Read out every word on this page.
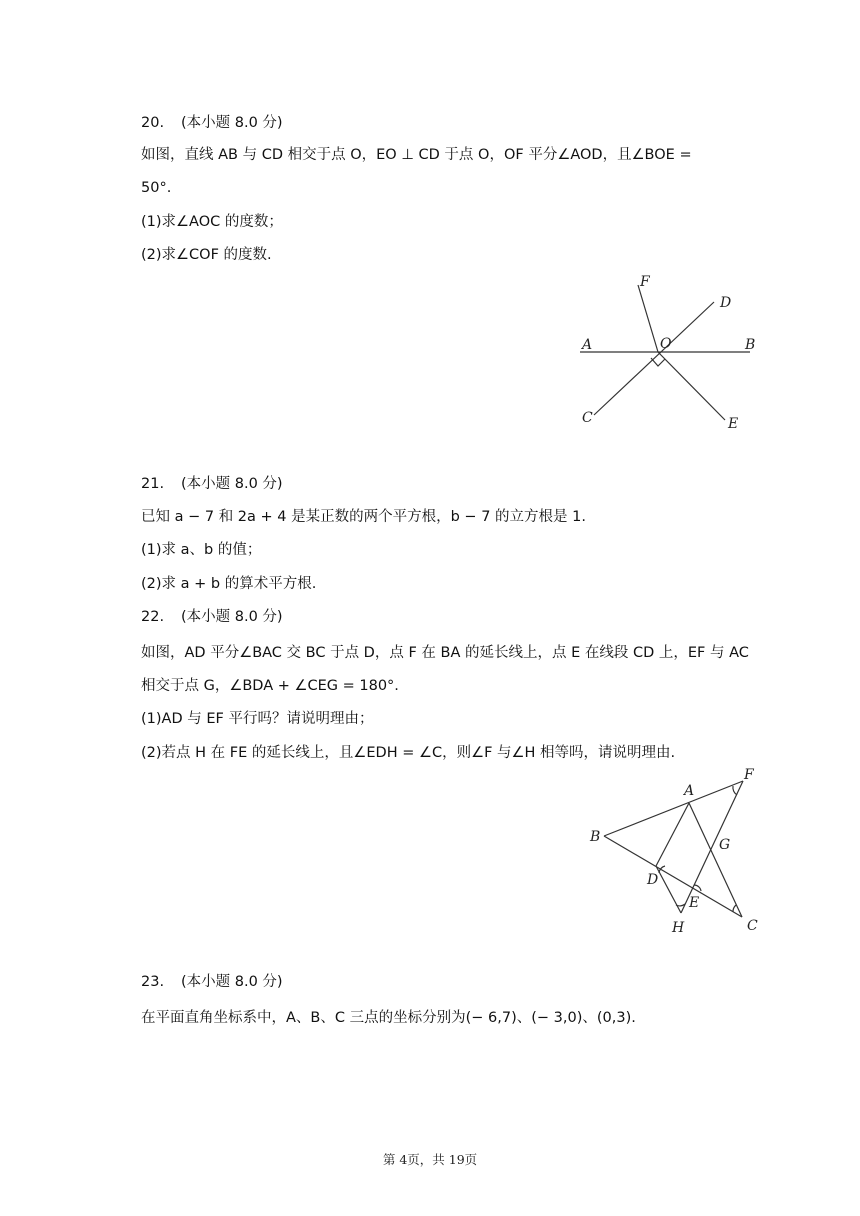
20. (本小题 8.0 分)
如图，直线 AB 与 CD 相交于点 O，EO ⊥ CD 于点 O，OF 平分∠AOD，且∠BOE =
50°.
(1)求∠AOC 的度数；
(2)求∠COF 的度数.
F
D
O
A	B
C	E
21. (本小题 8.0 分)
已知 a − 7 和 2a + 4 是某正数的两个平方根，b − 7 的立方根是 1.
(1)求 a、b 的值；
(2)求 a + b 的算术平方根.
22. (本小题 8.0 分)
如图，AD 平分∠BAC 交 BC 于点 D，点 F 在 BA 的延长线上，点 E 在线段 CD 上，EF 与 AC
相交于点 G，∠BDA + ∠CEG = 180°.
(1)AD 与 EF 平行吗？请说明理由；
(2)若点 H 在 FE 的延长线上，且∠EDH = ∠C，则∠F 与∠H 相等吗，请说明理由.
A
F
B	G
D
E
H	C
23. (本小题 8.0 分)
在平面直角坐标系中，A、B、C 三点的坐标分别为(− 6,7)、(− 3,0)、(0,3).
第 4页，共 19页
